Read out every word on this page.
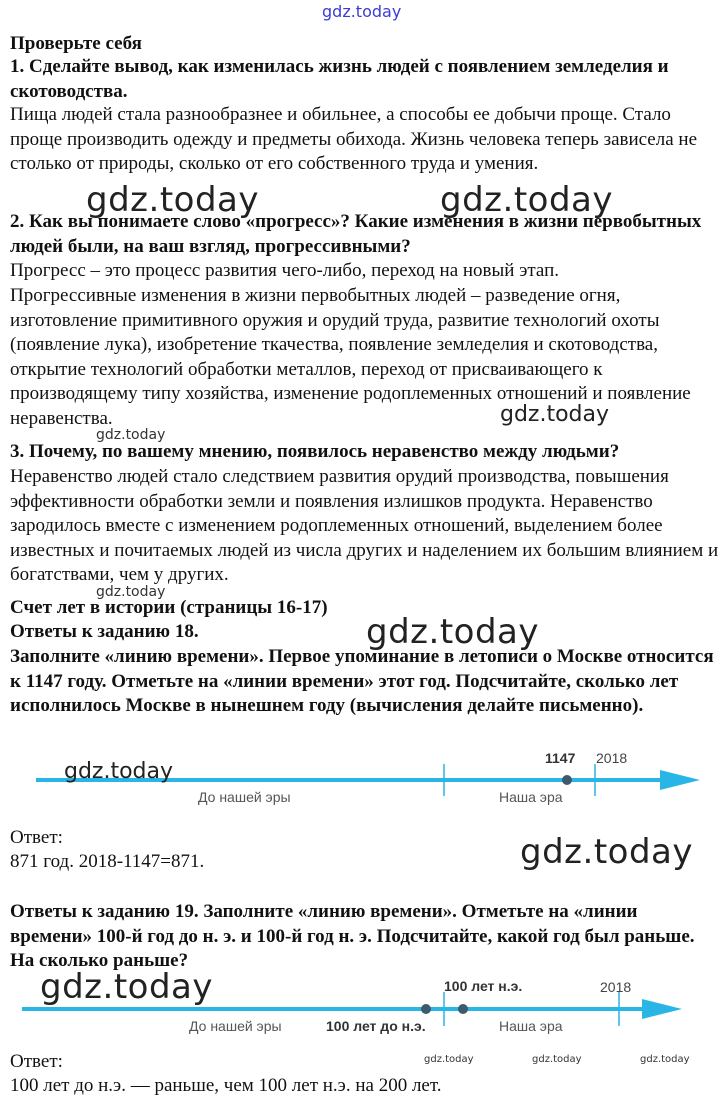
gdz.today

Проверьте себя

1. Сделайте вывод, как изменилась жизнь людей с появлением земледелия и скотоводства.

Пища людей стала разнообразнее и обильнее, а способы ее добычи проще. Стало проще производить одежду и предметы обихода. Жизнь человека теперь зависела не столько от природы, сколько от его собственного труда и умения.

2. Как вы понимаете слово «прогресс»? Какие изменения в жизни первобытных людей были, на ваш взгляд, прогрессивными?

Прогресс – это процесс развития чего-либо, переход на новый этап.

Прогрессивные изменения в жизни первобытных людей – разведение огня, изготовление примитивного оружия и орудий труда, развитие технологий охоты (появление лука), изобретение ткачества, появление земледелия и скотоводства, открытие технологий обработки металлов, переход от присваивающего к производящему типу хозяйства, изменение родоплеменных отношений и появление неравенства.

3. Почему, по вашему мнению, появилось неравенство между людьми?

Неравенство людей стало следствием развития орудий производства, повышения эффективности обработки земли и появления излишков продукта. Неравенство зародилось вместе с изменением родоплеменных отношений, выделением более известных и почитаемых людей из числа других и наделением их большим влиянием и богатствами, чем у других.

Счет лет в истории (страницы 16-17)

Ответы к заданию 18.

Заполните «линию времени». Первое упоминание в летописи о Москве относится к 1147 году. Отметьте на «линии времени» этот год. Подсчитайте, сколько лет исполнилось Москве в нынешнем году (вычисления делайте письменно).

1147 2018
До нашей эры	Наша эра

Ответ:

871 год. 2018-1147=871.

Ответы к заданию 19. Заполните «линию времени». Отметьте на «линии времени» 100-й год до н. э. и 100-й год н. э. Подсчитайте, какой год был раньше. На сколько раньше?

100 лет н.э.	2018
До нашей эры	100 лет до н.э.	Наша эра

Ответ:

100 лет до н.э. — раньше, чем 100 лет н.э. на 200 лет.

gdz.today	gdz.today
gdz.today
gdz.today
gdz.today
gdz.today
gdz.today
gdz.today
gdz.today
gdz.today	gdz.today	gdz.today
